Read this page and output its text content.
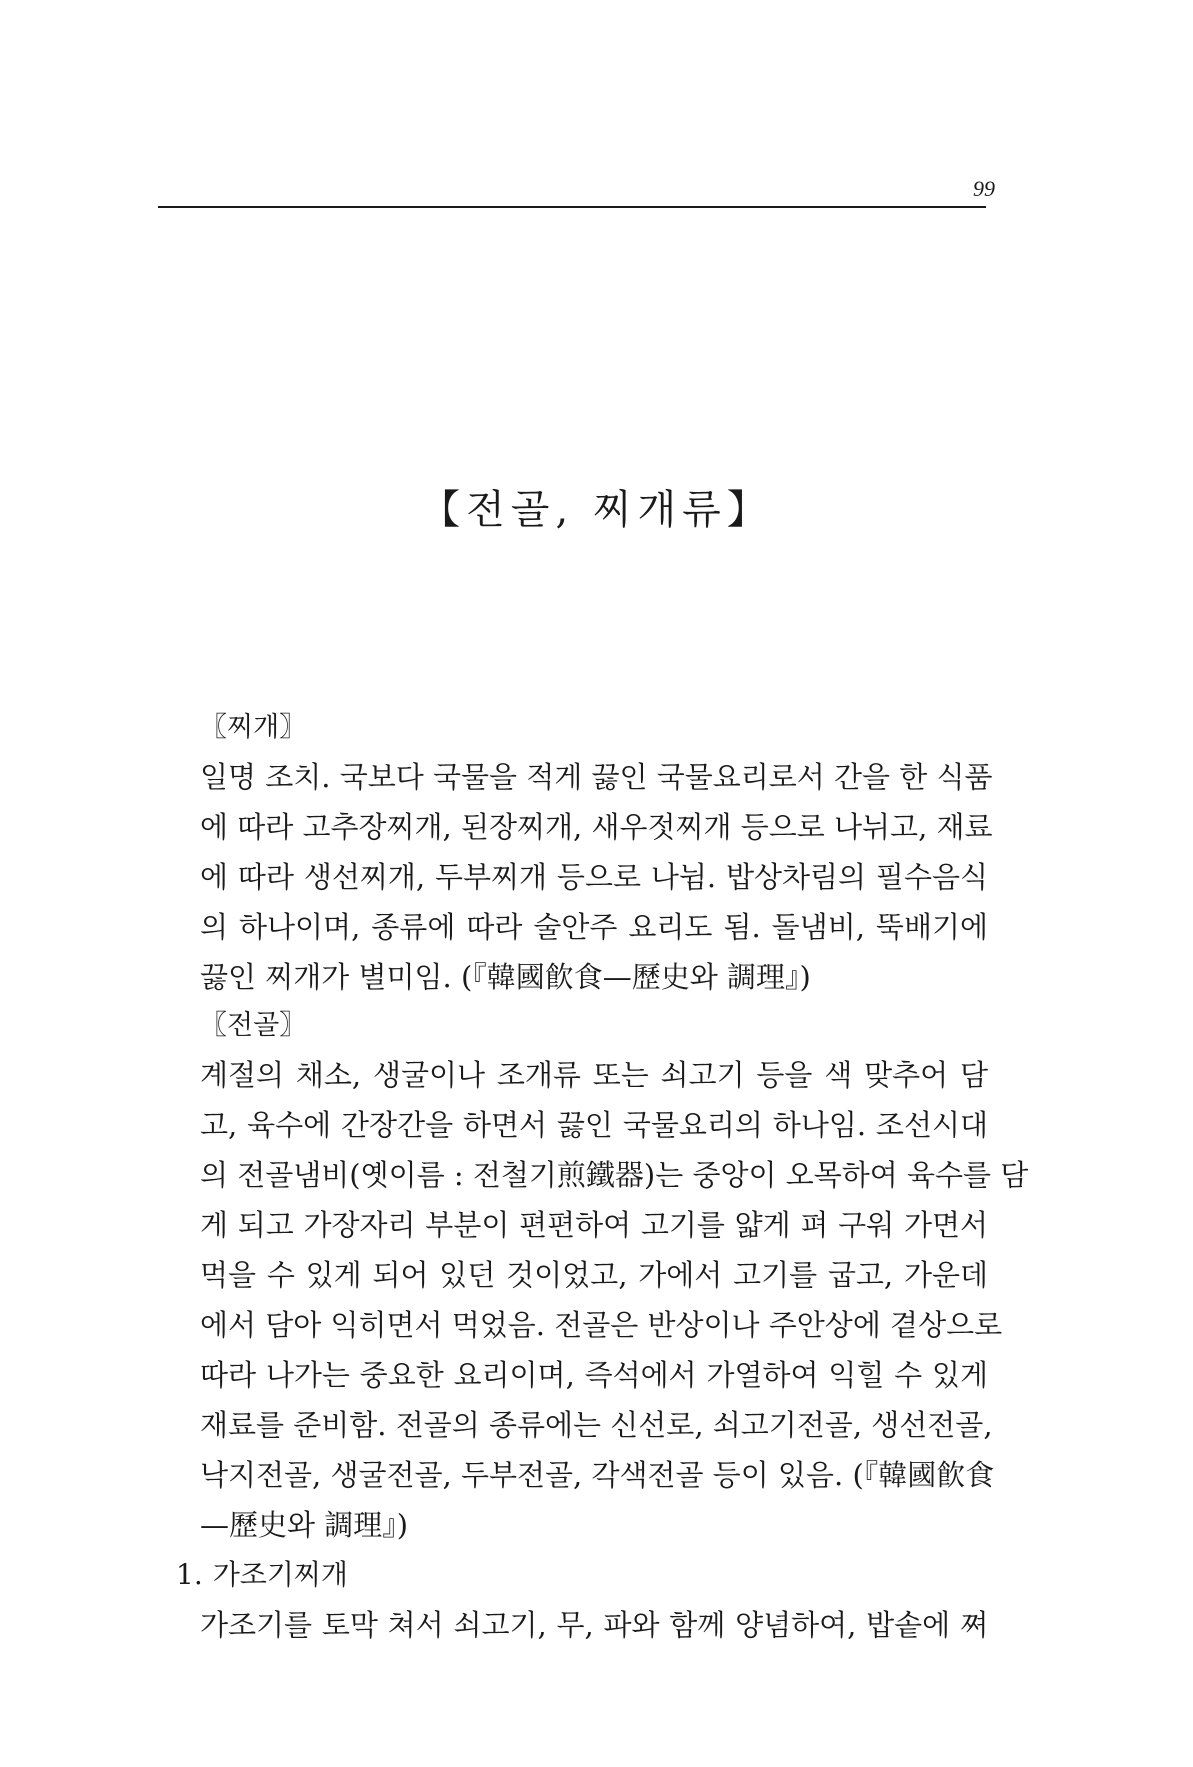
99
【전골, 찌개류】
〖찌개〗
일명 조치. 국보다 국물을 적게 끓인 국물요리로서 간을 한 식품
에 따라 고추장찌개, 된장찌개, 새우젓찌개 등으로 나뉘고, 재료
에 따라 생선찌개, 두부찌개 등으로 나뉨. 밥상차림의 필수음식
의 하나이며, 종류에 따라 술안주 요리도 됨. 돌냄비, 뚝배기에
끓인 찌개가 별미임. (『韓國飮食—歷史와 調理』)
〖전골〗
계절의 채소, 생굴이나 조개류 또는 쇠고기 등을 색 맞추어 담
고, 육수에 간장간을 하면서 끓인 국물요리의 하나임. 조선시대
의 전골냄비(옛이름 : 전철기煎鐵器)는 중앙이 오목하여 육수를 담
게 되고 가장자리 부분이 편편하여 고기를 얇게 펴 구워 가면서
먹을 수 있게 되어 있던 것이었고, 가에서 고기를 굽고, 가운데
에서 담아 익히면서 먹었음. 전골은 반상이나 주안상에 곁상으로
따라 나가는 중요한 요리이며, 즉석에서 가열하여 익힐 수 있게
재료를 준비함. 전골의 종류에는 신선로, 쇠고기전골, 생선전골,
낙지전골, 생굴전골, 두부전골, 각색전골 등이 있음. (『韓國飮食
—歷史와 調理』)
1. 가조기찌개
가조기를 토막 쳐서 쇠고기, 무, 파와 함께 양념하여, 밥솥에 쪄
